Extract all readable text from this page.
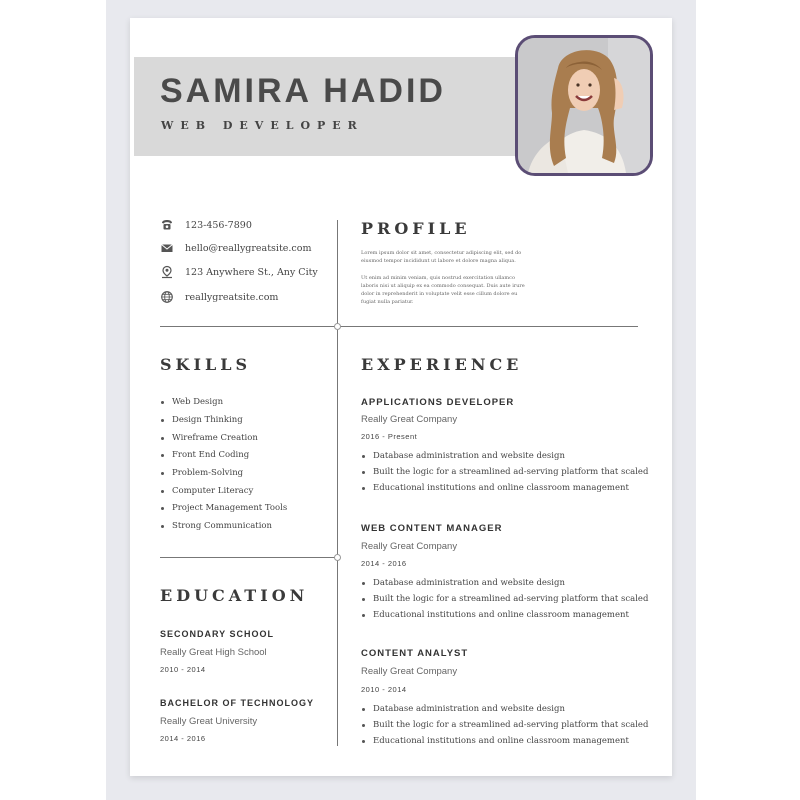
SAMIRA HADID
WEB DEVELOPER
123-456-7890
hello@reallygreatsite.com
123 Anywhere St., Any City
reallygreatsite.com
PROFILE
Lorem ipsum dolor sit amet, consectetur adipiscing elit, sed do eiusmod tempor incididunt ut labore et dolore magna aliqua.
Ut enim ad minim veniam, quis nostrud exercitation ullamco laboris nisi ut aliquip ex ea commodo consequat. Duis aute irure dolor in reprehenderit in voluptate velit esse cillum dolore eu fugiat nulla pariatur.
SKILLS
Web Design
Design Thinking
Wireframe Creation
Front End Coding
Problem-Solving
Computer Literacy
Project Management Tools
Strong Communication
EDUCATION
SECONDARY SCHOOL
Really Great High School
2010 - 2014
BACHELOR OF TECHNOLOGY
Really Great University
2014 - 2016
EXPERIENCE
APPLICATIONS DEVELOPER
Really Great Company
2016 - Present
Database administration and website design
Built the logic for a streamlined ad-serving platform that scaled
Educational institutions and online classroom management
WEB CONTENT MANAGER
Really Great Company
2014 - 2016
Database administration and website design
Built the logic for a streamlined ad-serving platform that scaled
Educational institutions and online classroom management
CONTENT ANALYST
Really Great Company
2010 - 2014
Database administration and website design
Built the logic for a streamlined ad-serving platform that scaled
Educational institutions and online classroom management
